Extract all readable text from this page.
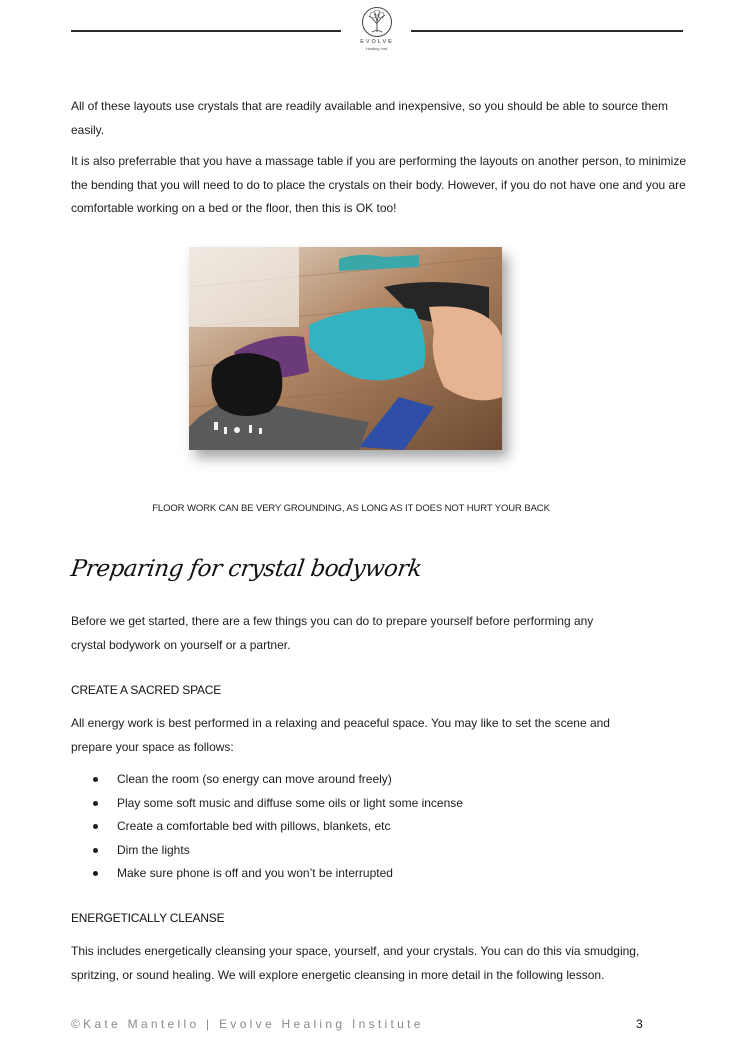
EVOLVE
Healing Inst.
All of these layouts use crystals that are readily available and inexpensive, so you should be able to source them easily.
It is also preferrable that you have a massage table if you are performing the layouts on another person, to minimize the bending that you will need to do to place the crystals on their body. However, if you do not have one and you are comfortable working on a bed or the floor, then this is OK too!
FLOOR WORK CAN BE VERY GROUNDING, AS LONG AS IT DOES NOT HURT YOUR BACK
Preparing for crystal bodywork
Before we get started, there are a few things you can do to prepare yourself before performing any crystal bodywork on yourself or a partner.
CREATE A SACRED SPACE
All energy work is best performed in a relaxing and peaceful space. You may like to set the scene and prepare your space as follows:
Clean the room (so energy can move around freely)
Play some soft music and diffuse some oils or light some incense
Create a comfortable bed with pillows, blankets, etc
Dim the lights
Make sure phone is off and you won’t be interrupted
ENERGETICALLY CLEANSE
This includes energetically cleansing your space, yourself, and your crystals. You can do this via smudging, spritzing, or sound healing. We will explore energetic cleansing in more detail in the following lesson.
©Kate Mantello | Evolve Healing Institute	3
